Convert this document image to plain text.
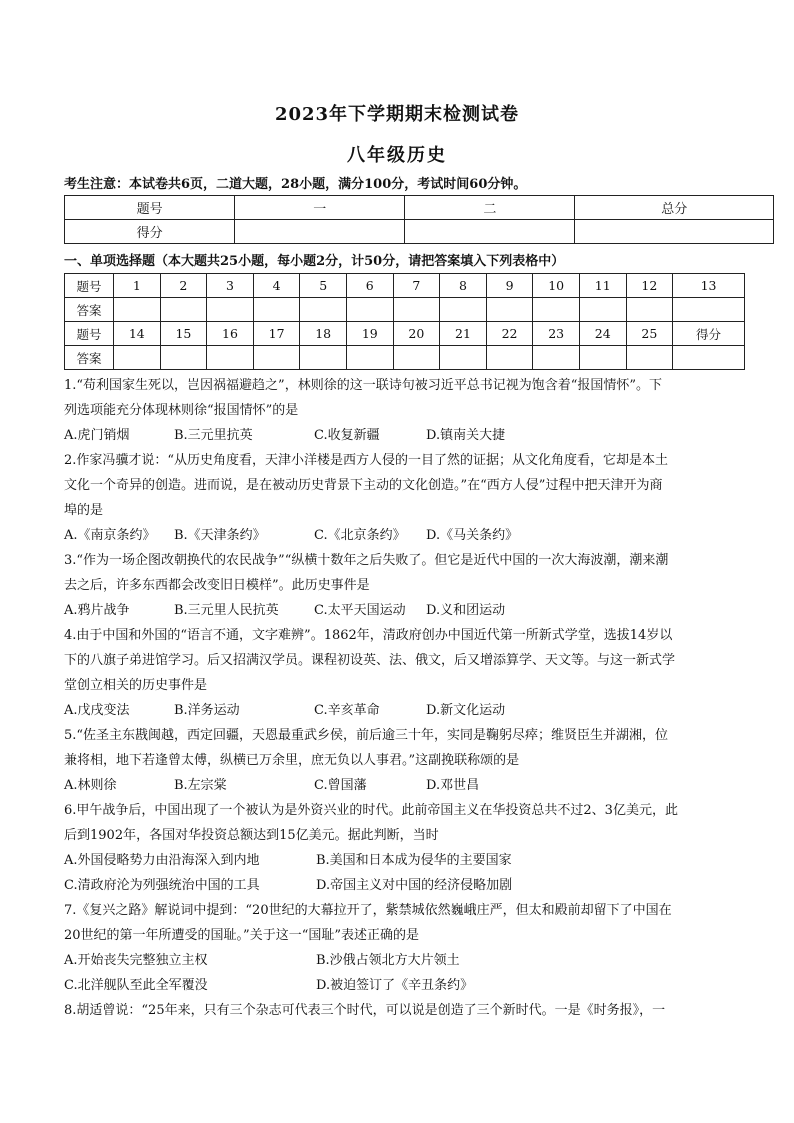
2023年下学期期末检测试卷
八年级历史
考生注意：本试卷共6页，二道大题，28小题，满分100分，考试时间60分钟。
题号	一	二	总分
得分			
一、单项选择题（本大题共25小题，每小题2分，计50分，请把答案填入下列表格中）
题号	1	2	3	4	5	6	7	8	9	10	11	12	13
答案													
题号	14	15	16	17	18	19	20	21	22	23	24	25	得分
答案													

1.“苟利国家生死以，岂因祸福避趋之”，林则徐的这一联诗句被习近平总书记视为饱含着“报国情怀”。下

列选项能充分体现林则徐“报国情怀”的是

A.虎门销烟	B.三元里抗英	C.收复新疆	D.镇南关大捷

2.作家冯骥才说：“从历史角度看，天津小洋楼是西方人侵的一目了然的证据；从文化角度看，它却是本土

文化一个奇异的创造。进而说，是在被动历史背景下主动的文化创造。”在“西方人侵”过程中把天津开为商

埠的是

A.《南京条约》	B.《天津条约》	C.《北京条约》	D.《马关条约》

3.“作为一场企图改朝换代的农民战争”“纵横十数年之后失败了。但它是近代中国的一次大海波潮，潮来潮

去之后，许多东西都会改变旧日模样”。此历史事件是

A.鸦片战争	B.三元里人民抗英	C.太平天国运动	D.义和团运动

4.由于中国和外国的“语言不通，文字难辨”。1862年，清政府创办中国近代第一所新式学堂，选拔14岁以

下的八旗子弟进馆学习。后又招满汉学员。课程初设英、法、俄文，后又增添算学、天文等。与这一新式学

堂创立相关的历史事件是

A.戊戌变法	B.洋务运动	C.辛亥革命	D.新文化运动

5.“佐圣主东戡闽越，西定回疆，天恩最重武乡侯，前后逾三十年，实同是鞠躬尽瘁；维贤臣生并湖湘，位

兼将相，地下若逢曾太傅，纵横已万余里，庶无负以人事君。”这副挽联称颂的是

A.林则徐	B.左宗棠	C.曾国藩	D.邓世昌

6.甲午战争后，中国出现了一个被认为是外资兴业的时代。此前帝国主义在华投资总共不过2、3亿美元，此

后到1902年，各国对华投资总额达到15亿美元。据此判断，当时

A.外国侵略势力由沿海深入到内地	B.美国和日本成为侵华的主要国家
C.清政府沦为列强统治中国的工具	D.帝国主义对中国的经济侵略加剧

7.《复兴之路》解说词中提到：“20世纪的大幕拉开了，紫禁城依然巍峨庄严，但太和殿前却留下了中国在

20世纪的第一年所遭受的国耻。”关于这一“国耻”表述正确的是

A.开始丧失完整独立主权	B.沙俄占领北方大片领土
C.北洋舰队至此全军覆没	D.被迫签订了《辛丑条约》

8.胡适曾说：“25年来，只有三个杂志可代表三个时代，可以说是创造了三个新时代。一是《时务报》，一
